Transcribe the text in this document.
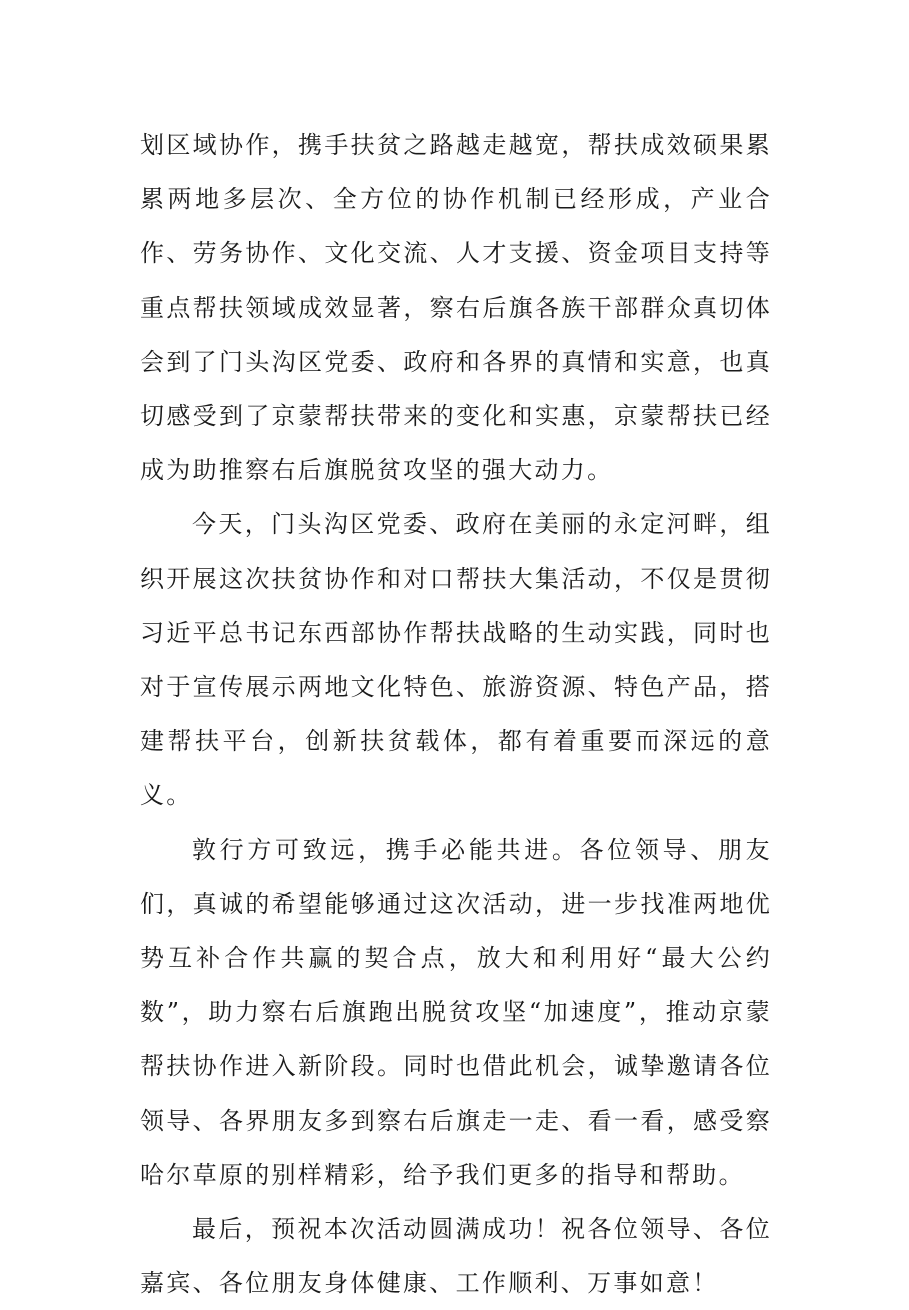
划区域协作，携手扶贫之路越走越宽，帮扶成效硕果累累两地多层次、全方位的协作机制已经形成，产业合作、劳务协作、文化交流、人才支援、资金项目支持等重点帮扶领域成效显著，察右后旗各族干部群众真切体会到了门头沟区党委、政府和各界的真情和实意，也真切感受到了京蒙帮扶带来的变化和实惠，京蒙帮扶已经成为助推察右后旗脱贫攻坚的强大动力。

今天，门头沟区党委、政府在美丽的永定河畔，组织开展这次扶贫协作和对口帮扶大集活动，不仅是贯彻习近平总书记东西部协作帮扶战略的生动实践，同时也对于宣传展示两地文化特色、旅游资源、特色产品，搭建帮扶平台，创新扶贫载体，都有着重要而深远的意义。

敦行方可致远，携手必能共进。各位领导、朋友们，真诚的希望能够通过这次活动，进一步找准两地优势互补合作共赢的契合点，放大和利用好“最大公约数”，助力察右后旗跑出脱贫攻坚“加速度”，推动京蒙帮扶协作进入新阶段。同时也借此机会，诚挚邀请各位领导、各界朋友多到察右后旗走一走、看一看，感受察哈尔草原的别样精彩，给予我们更多的指导和帮助。

最后，预祝本次活动圆满成功！祝各位领导、各位嘉宾、各位朋友身体健康、工作顺利、万事如意！
